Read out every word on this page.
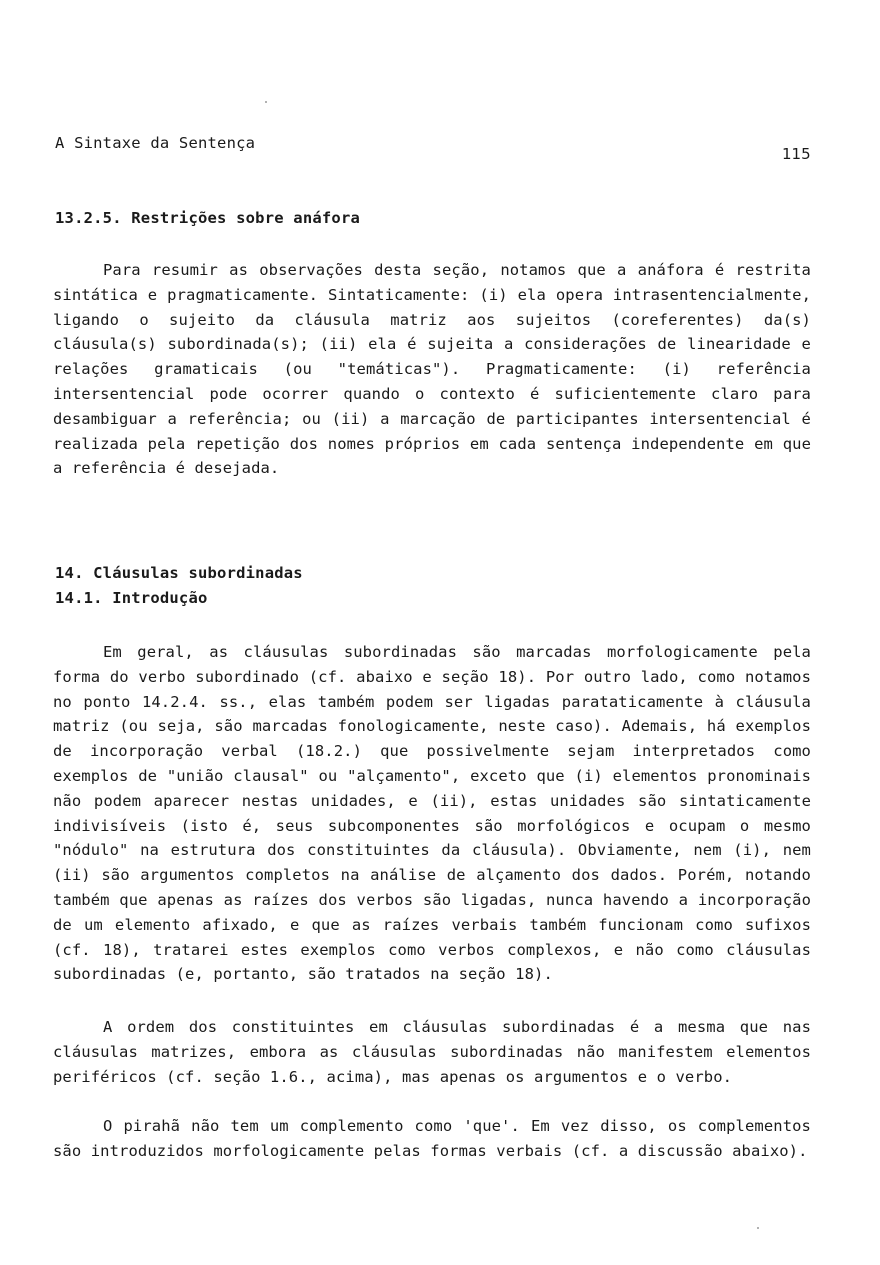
A Sintaxe da Sentença
115
13.2.5. Restrições sobre anáfora

Para resumir as observações desta seção, notamos que a anáfora é restrita sintática e pragmaticamente. Sintaticamente: (i) ela opera intrasentencialmente, ligando o sujeito da cláusula matriz aos sujeitos (coreferentes) da(s) cláusula(s) subordinada(s); (ii) ela é sujeita a considerações de linearidade e relações gramaticais (ou "temáticas"). Pragmaticamente: (i) referência intersentencial pode ocorrer quando o contexto é suficientemente claro para desambiguar a referência; ou (ii) a marcação de participantes intersentencial é realizada pela repetição dos nomes próprios em cada sentença independente em que a referência é desejada.

14. Cláusulas subordinadas
14.1. Introdução

Em geral, as cláusulas subordinadas são marcadas morfologicamente pela forma do verbo subordinado (cf. abaixo e seção 18). Por outro lado, como notamos no ponto 14.2.4. ss., elas também podem ser ligadas parataticamente à cláusula matriz (ou seja, são marcadas fonologicamente, neste caso). Ademais, há exemplos de incorporação verbal (18.2.) que possivelmente sejam interpretados como exemplos de "união clausal" ou "alçamento", exceto que (i) elementos pronominais não podem aparecer nestas unidades, e (ii), estas unidades são sintaticamente indivisíveis (isto é, seus subcomponentes são morfológicos e ocupam o mesmo "nódulo" na estrutura dos constituintes da cláusula). Obviamente, nem (i), nem (ii) são argumentos completos na análise de alçamento dos dados. Porém, notando também que apenas as raízes dos verbos são ligadas, nunca havendo a incorporação de um elemento afixado, e que as raízes verbais também funcionam como sufixos (cf. 18), tratarei estes exemplos como verbos complexos, e não como cláusulas subordinadas (e, portanto, são tratados na seção 18).

A ordem dos constituintes em cláusulas subordinadas é a mesma que nas cláusulas matrizes, embora as cláusulas subordinadas não manifestem elementos periféricos (cf. seção 1.6., acima), mas apenas os argumentos e o verbo.

O pirahã não tem um complemento como 'que'. Em vez disso, os complementos são introduzidos morfologicamente pelas formas verbais (cf. a discussão abaixo).
